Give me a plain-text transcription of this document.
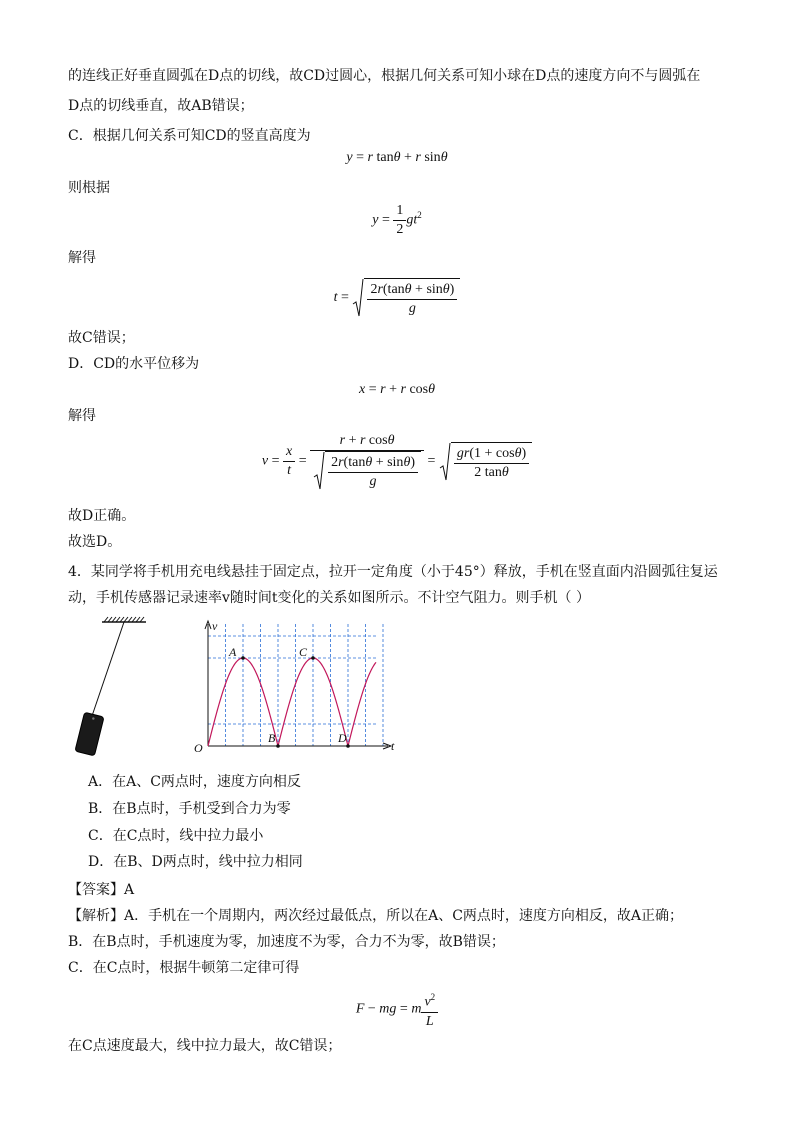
的连线正好垂直圆弧在D点的切线，故CD过圆心，根据几何关系可知小球在D点的速度方向不与圆弧在
D点的切线垂直，故AB错误；
C．根据几何关系可知CD的竖直高度为
y = r tanθ + r sinθ
则根据
$y = \frac{1}{2} gt^2$
解得
$t = \frac{2r(\tan\theta + \sin\theta)}{g}$
故C错误；
D．CD的水平位移为
x = r + r cosθ
解得
$v = \frac{x}{t} = \frac{\text{r + r cosθ}}{\frac{2r(\tan\theta + \sin\theta)}{g}} = \frac{gr(1 + \cos\theta)}{2 \tan\theta}$
故D正确。
故选D。
4．某同学将手机用充电线悬挂于固定点，拉开一定角度（小于45°）释放，手机在竖直面内沿圆弧往复运
动，手机传感器记录速率v随时间t变化的关系如图所示。不计空气阻力。则手机（ ）
v
t
O
A
B
C
D
A．在A、C两点时，速度方向相反
B．在B点时，手机受到合力为零
C．在C点时，线中拉力最小
D．在B、D两点时，线中拉力相同
【答案】A
【解析】A．手机在一个周期内，两次经过最低点，所以在A、C两点时，速度方向相反，故A正确；
B．在B点时，手机速度为零，加速度不为零，合力不为零，故B错误；
C．在C点时，根据牛顿第二定律可得
F − mg = m $\frac{v^2}{L}$
在C点速度最大，线中拉力最大，故C错误；
